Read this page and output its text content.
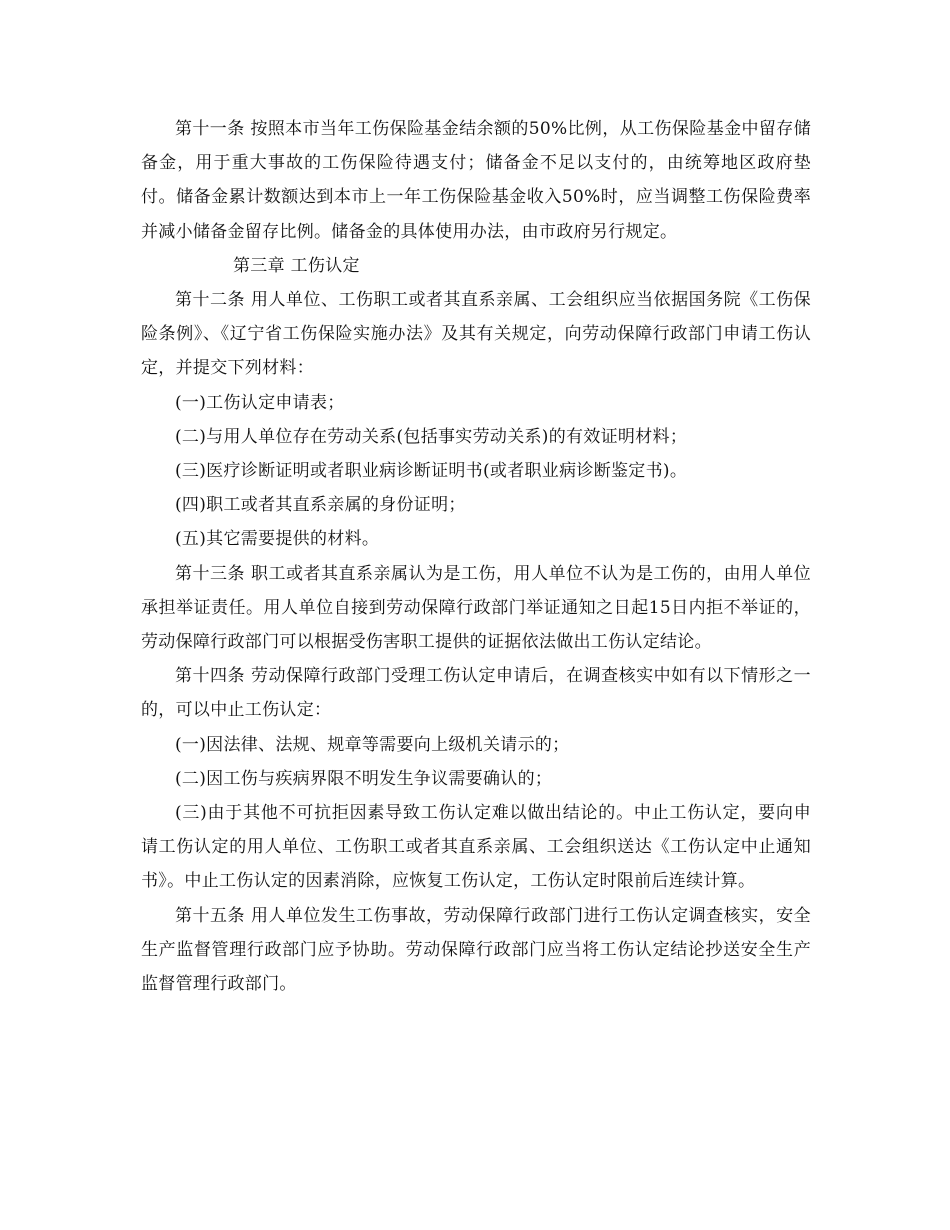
第十一条 按照本市当年工伤保险基金结余额的50%比例，从工伤保险基金中留存储备金，用于重大事故的工伤保险待遇支付；储备金不足以支付的，由统筹地区政府垫付。储备金累计数额达到本市上一年工伤保险基金收入50%时，应当调整工伤保险费率并减小储备金留存比例。储备金的具体使用办法，由市政府另行规定。

第三章 工伤认定

第十二条 用人单位、工伤职工或者其直系亲属、工会组织应当依据国务院《工伤保险条例》、《辽宁省工伤保险实施办法》及其有关规定，向劳动保障行政部门申请工伤认定，并提交下列材料：

(一)工伤认定申请表；

(二)与用人单位存在劳动关系(包括事实劳动关系)的有效证明材料；

(三)医疗诊断证明或者职业病诊断证明书(或者职业病诊断鉴定书)。

(四)职工或者其直系亲属的身份证明；

(五)其它需要提供的材料。

第十三条 职工或者其直系亲属认为是工伤，用人单位不认为是工伤的，由用人单位承担举证责任。用人单位自接到劳动保障行政部门举证通知之日起15日内拒不举证的，劳动保障行政部门可以根据受伤害职工提供的证据依法做出工伤认定结论。

第十四条 劳动保障行政部门受理工伤认定申请后，在调查核实中如有以下情形之一的，可以中止工伤认定：

(一)因法律、法规、规章等需要向上级机关请示的；

(二)因工伤与疾病界限不明发生争议需要确认的；

(三)由于其他不可抗拒因素导致工伤认定难以做出结论的。中止工伤认定，要向申请工伤认定的用人单位、工伤职工或者其直系亲属、工会组织送达《工伤认定中止通知书》。中止工伤认定的因素消除，应恢复工伤认定，工伤认定时限前后连续计算。

第十五条 用人单位发生工伤事故，劳动保障行政部门进行工伤认定调查核实，安全生产监督管理行政部门应予协助。劳动保障行政部门应当将工伤认定结论抄送安全生产监督管理行政部门。
